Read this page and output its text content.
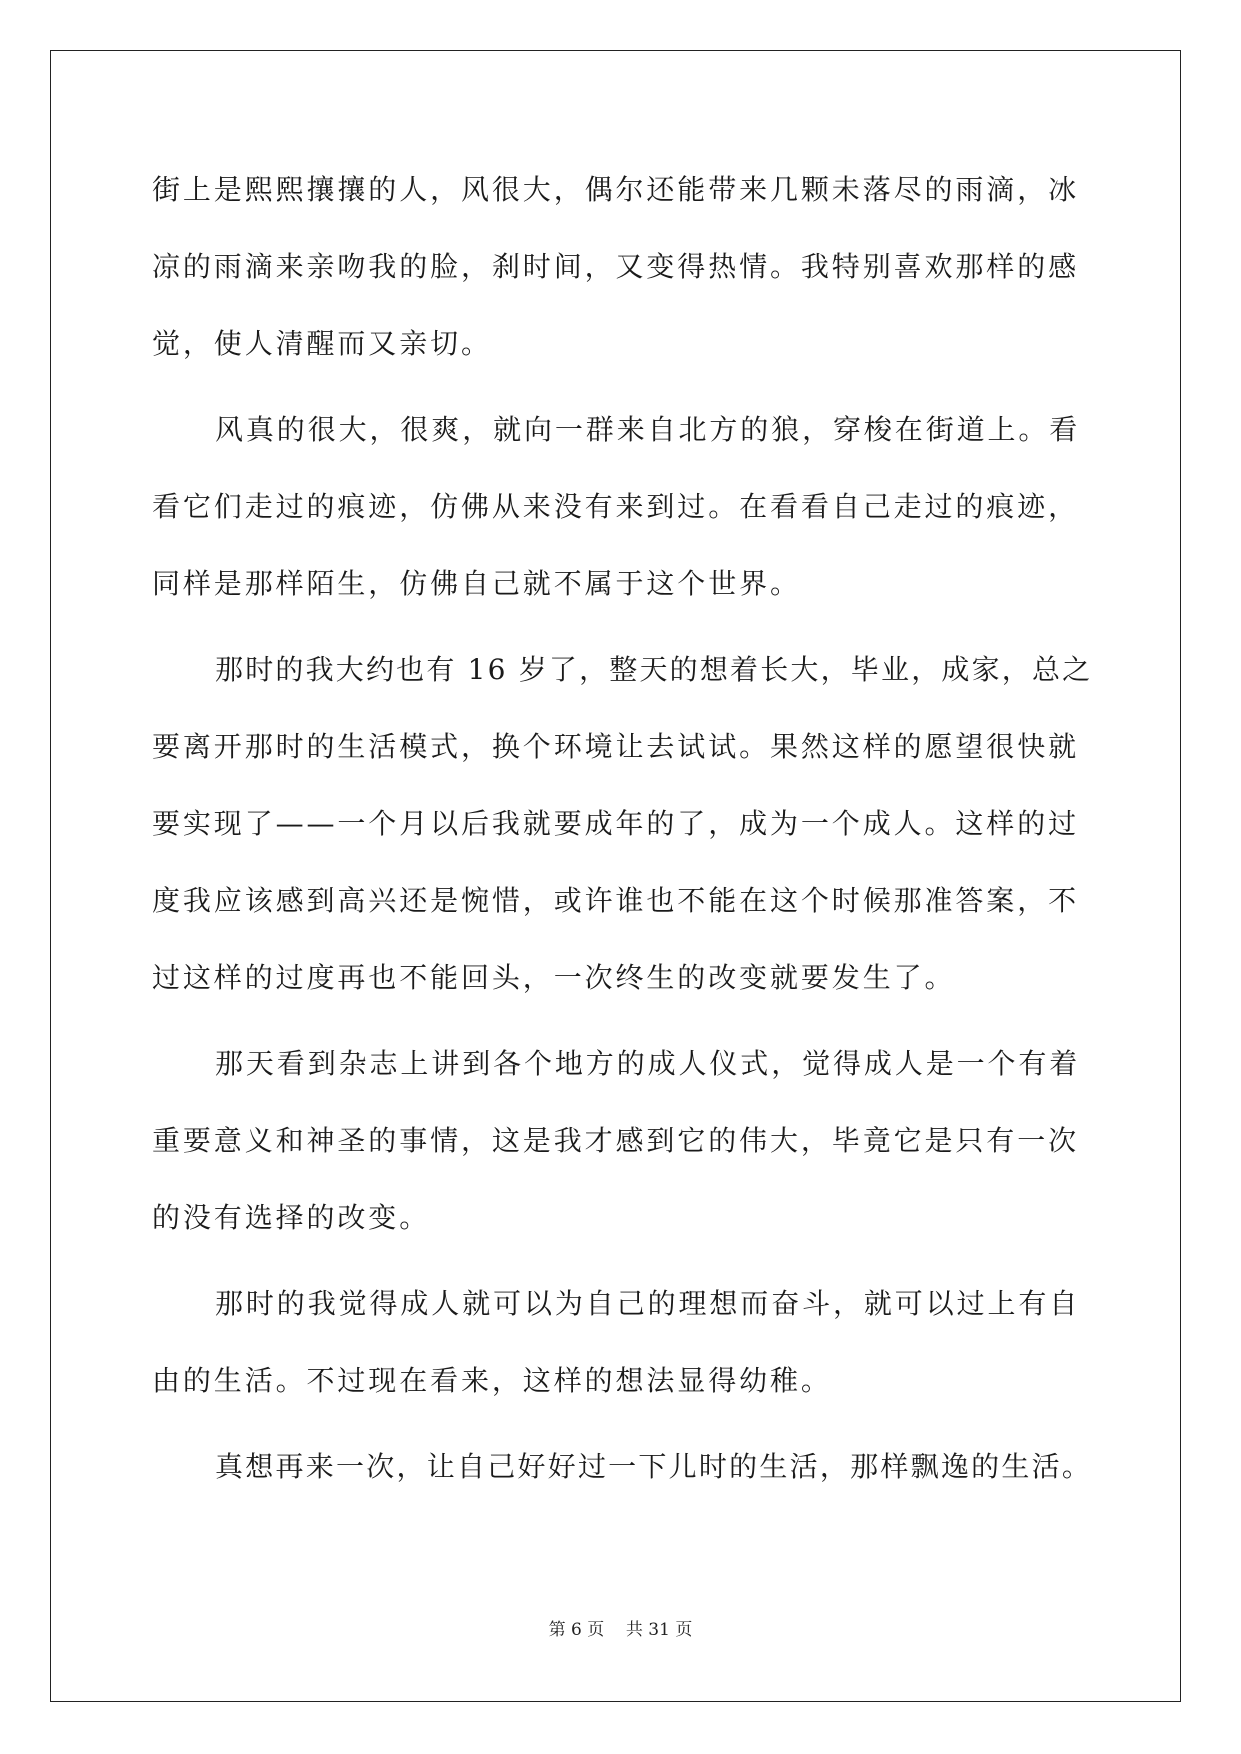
街上是熙熙攘攘的人，风很大，偶尔还能带来几颗未落尽的雨滴，冰
凉的雨滴来亲吻我的脸，刹时间，又变得热情。我特别喜欢那样的感
觉，使人清醒而又亲切。
风真的很大，很爽，就向一群来自北方的狼，穿梭在街道上。看
看它们走过的痕迹，仿佛从来没有来到过。在看看自己走过的痕迹，
同样是那样陌生，仿佛自己就不属于这个世界。
那时的我大约也有 16 岁了，整天的想着长大，毕业，成家，总之
要离开那时的生活模式，换个环境让去试试。果然这样的愿望很快就
要实现了——一个月以后我就要成年的了，成为一个成人。这样的过
度我应该感到高兴还是惋惜，或许谁也不能在这个时候那准答案，不
过这样的过度再也不能回头，一次终生的改变就要发生了。
那天看到杂志上讲到各个地方的成人仪式，觉得成人是一个有着
重要意义和神圣的事情，这是我才感到它的伟大，毕竟它是只有一次
的没有选择的改变。
那时的我觉得成人就可以为自己的理想而奋斗，就可以过上有自
由的生活。不过现在看来，这样的想法显得幼稚。
真想再来一次，让自己好好过一下儿时的生活，那样飘逸的生活。
第 6 页 共 31 页
